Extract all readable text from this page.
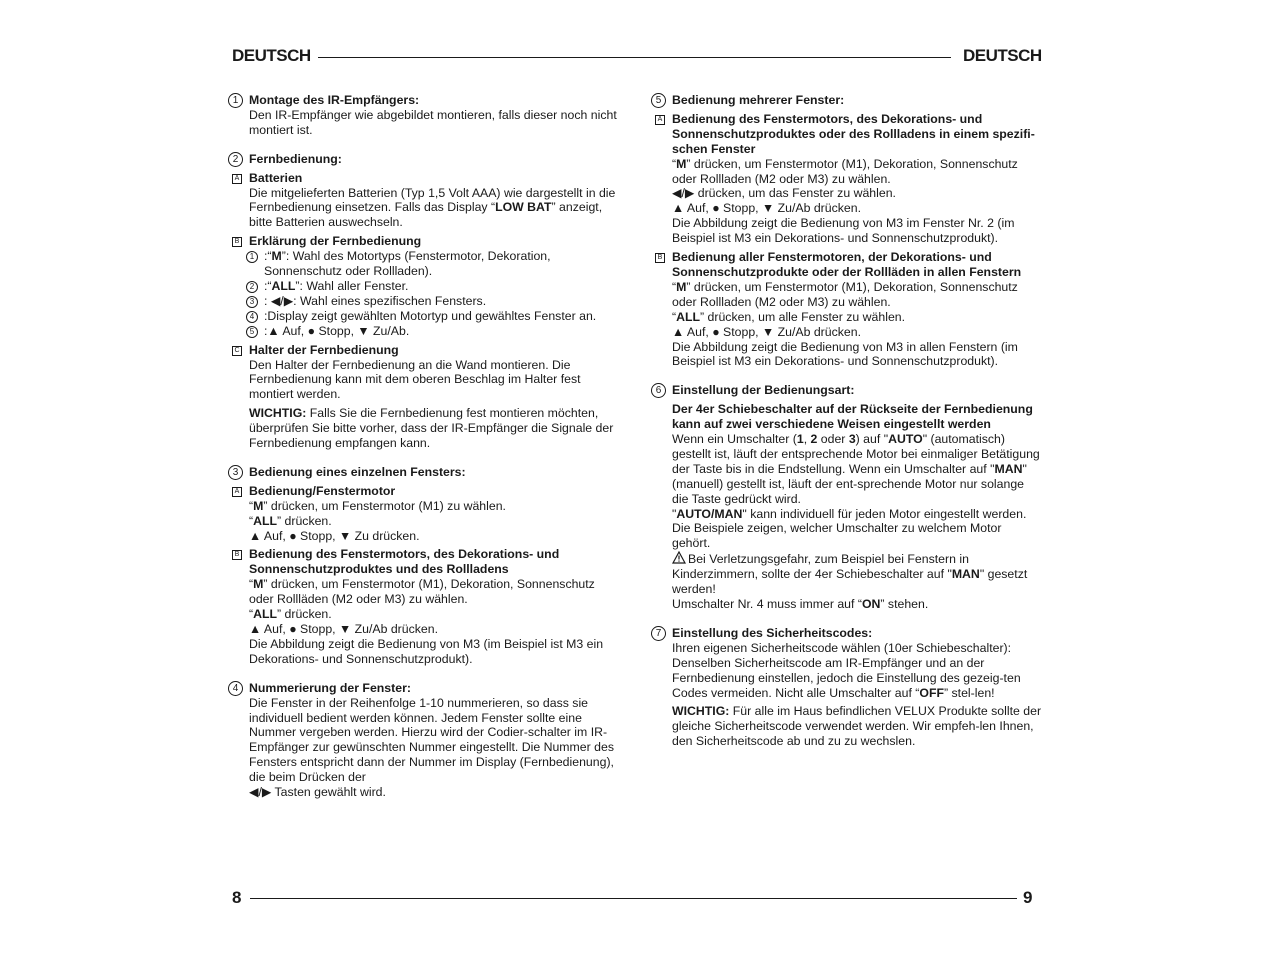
DEUTSCH	DEUTSCH
1 Montage des IR-Empfängers:
Den IR-Empfänger wie abgebildet montieren, falls dieser noch nicht montiert ist.
2 Fernbedienung:
A Batterien
Die mitgelieferten Batterien (Typ 1,5 Volt AAA) wie dargestellt in die Fernbedienung einsetzen. Falls das Display “LOW BAT” anzeigt, bitte Batterien auswechseln.
B Erklärung der Fernbedienung
1 :“M”: Wahl des Motortyps (Fenstermotor, Dekoration, Sonnenschutz oder Rollladen).
2 :“ALL”: Wahl aller Fenster.
3 : ◀/▶: Wahl eines spezifischen Fensters.
4 :Display zeigt gewählten Motortyp und gewähltes Fenster an.
5 :▲ Auf, ● Stopp, ▼ Zu/Ab.
C Halter der Fernbedienung
Den Halter der Fernbedienung an die Wand montieren. Die Fernbedienung kann mit dem oberen Beschlag im Halter fest montiert werden.
WICHTIG: Falls Sie die Fernbedienung fest montieren möchten, überprüfen Sie bitte vorher, dass der IR-Empfänger die Signale der Fernbedienung empfangen kann.
3 Bedienung eines einzelnen Fensters:
A Bedienung/Fenstermotor
“M” drücken, um Fenstermotor (M1) zu wählen.
“ALL” drücken.
▲ Auf, ● Stopp, ▼ Zu drücken.
B Bedienung des Fenstermotors, des Dekorations- und Sonnenschutzproduktes und des Rollladens
“M” drücken, um Fenstermotor (M1), Dekoration, Sonnenschutz oder Rollläden (M2 oder M3) zu wählen.
“ALL” drücken.
▲ Auf, ● Stopp, ▼ Zu/Ab drücken.
Die Abbildung zeigt die Bedienung von M3 (im Beispiel ist M3 ein Dekorations- und Sonnenschutzprodukt).
4 Nummerierung der Fenster:
Die Fenster in der Reihenfolge 1-10 nummerieren, so dass sie individuell bedient werden können. Jedem Fenster sollte eine Nummer vergeben werden. Hierzu wird der Codier-schalter im IR-Empfänger zur gewünschten Nummer eingestellt. Die Nummer des Fensters entspricht dann der Nummer im Display (Fernbedienung), die beim Drücken der
◀/▶ Tasten gewählt wird.
5 Bedienung mehrerer Fenster:
A Bedienung des Fenstermotors, des Dekorations- und Sonnenschutzproduktes oder des Rollladens in einem spezifi-schen Fenster
“M” drücken, um Fenstermotor (M1), Dekoration, Sonnenschutz oder Rollladen (M2 oder M3) zu wählen.
◀/▶ drücken, um das Fenster zu wählen.
▲ Auf, ● Stopp, ▼ Zu/Ab drücken.
Die Abbildung zeigt die Bedienung von M3 im Fenster Nr. 2 (im Beispiel ist M3 ein Dekorations- und Sonnenschutzprodukt).
B Bedienung aller Fenstermotoren, der Dekorations- und Sonnenschutzprodukte oder der Rollläden in allen Fenstern
“M” drücken, um Fenstermotor (M1), Dekoration, Sonnenschutz oder Rollladen (M2 oder M3) zu wählen.
“ALL” drücken, um alle Fenster zu wählen.
▲ Auf, ● Stopp, ▼ Zu/Ab drücken.
Die Abbildung zeigt die Bedienung von M3 in allen Fenstern (im Beispiel ist M3 ein Dekorations- und Sonnenschutzprodukt).
6 Einstellung der Bedienungsart:
Der 4er Schiebeschalter auf der Rückseite der Fernbedienung kann auf zwei verschiedene Weisen eingestellt werden
Wenn ein Umschalter (1, 2 oder 3) auf "AUTO" (automatisch) gestellt ist, läuft der entsprechende Motor bei einmaliger Betätigung der Taste bis in die Endstellung. Wenn ein Umschalter auf "MAN" (manuell) gestellt ist, läuft der ent-sprechende Motor nur solange die Taste gedrückt wird.
"AUTO/MAN" kann individuell für jeden Motor eingestellt werden.
Die Beispiele zeigen, welcher Umschalter zu welchem Motor gehört.
Bei Verletzungsgefahr, zum Beispiel bei Fenstern in Kinderzimmern, sollte der 4er Schiebeschalter auf "MAN" gesetzt werden!
Umschalter Nr. 4 muss immer auf “ON” stehen.
7 Einstellung des Sicherheitscodes:
Ihren eigenen Sicherheitscode wählen (10er Schiebeschalter): Denselben Sicherheitscode am IR-Empfänger und an der Fernbedienung einstellen, jedoch die Einstellung des gezeig-ten Codes vermeiden. Nicht alle Umschalter auf “OFF” stel-len!
WICHTIG: Für alle im Haus befindlichen VELUX Produkte sollte der gleiche Sicherheitscode verwendet werden. Wir empfeh-len Ihnen, den Sicherheitscode ab und zu zu wechslen.
8	9
